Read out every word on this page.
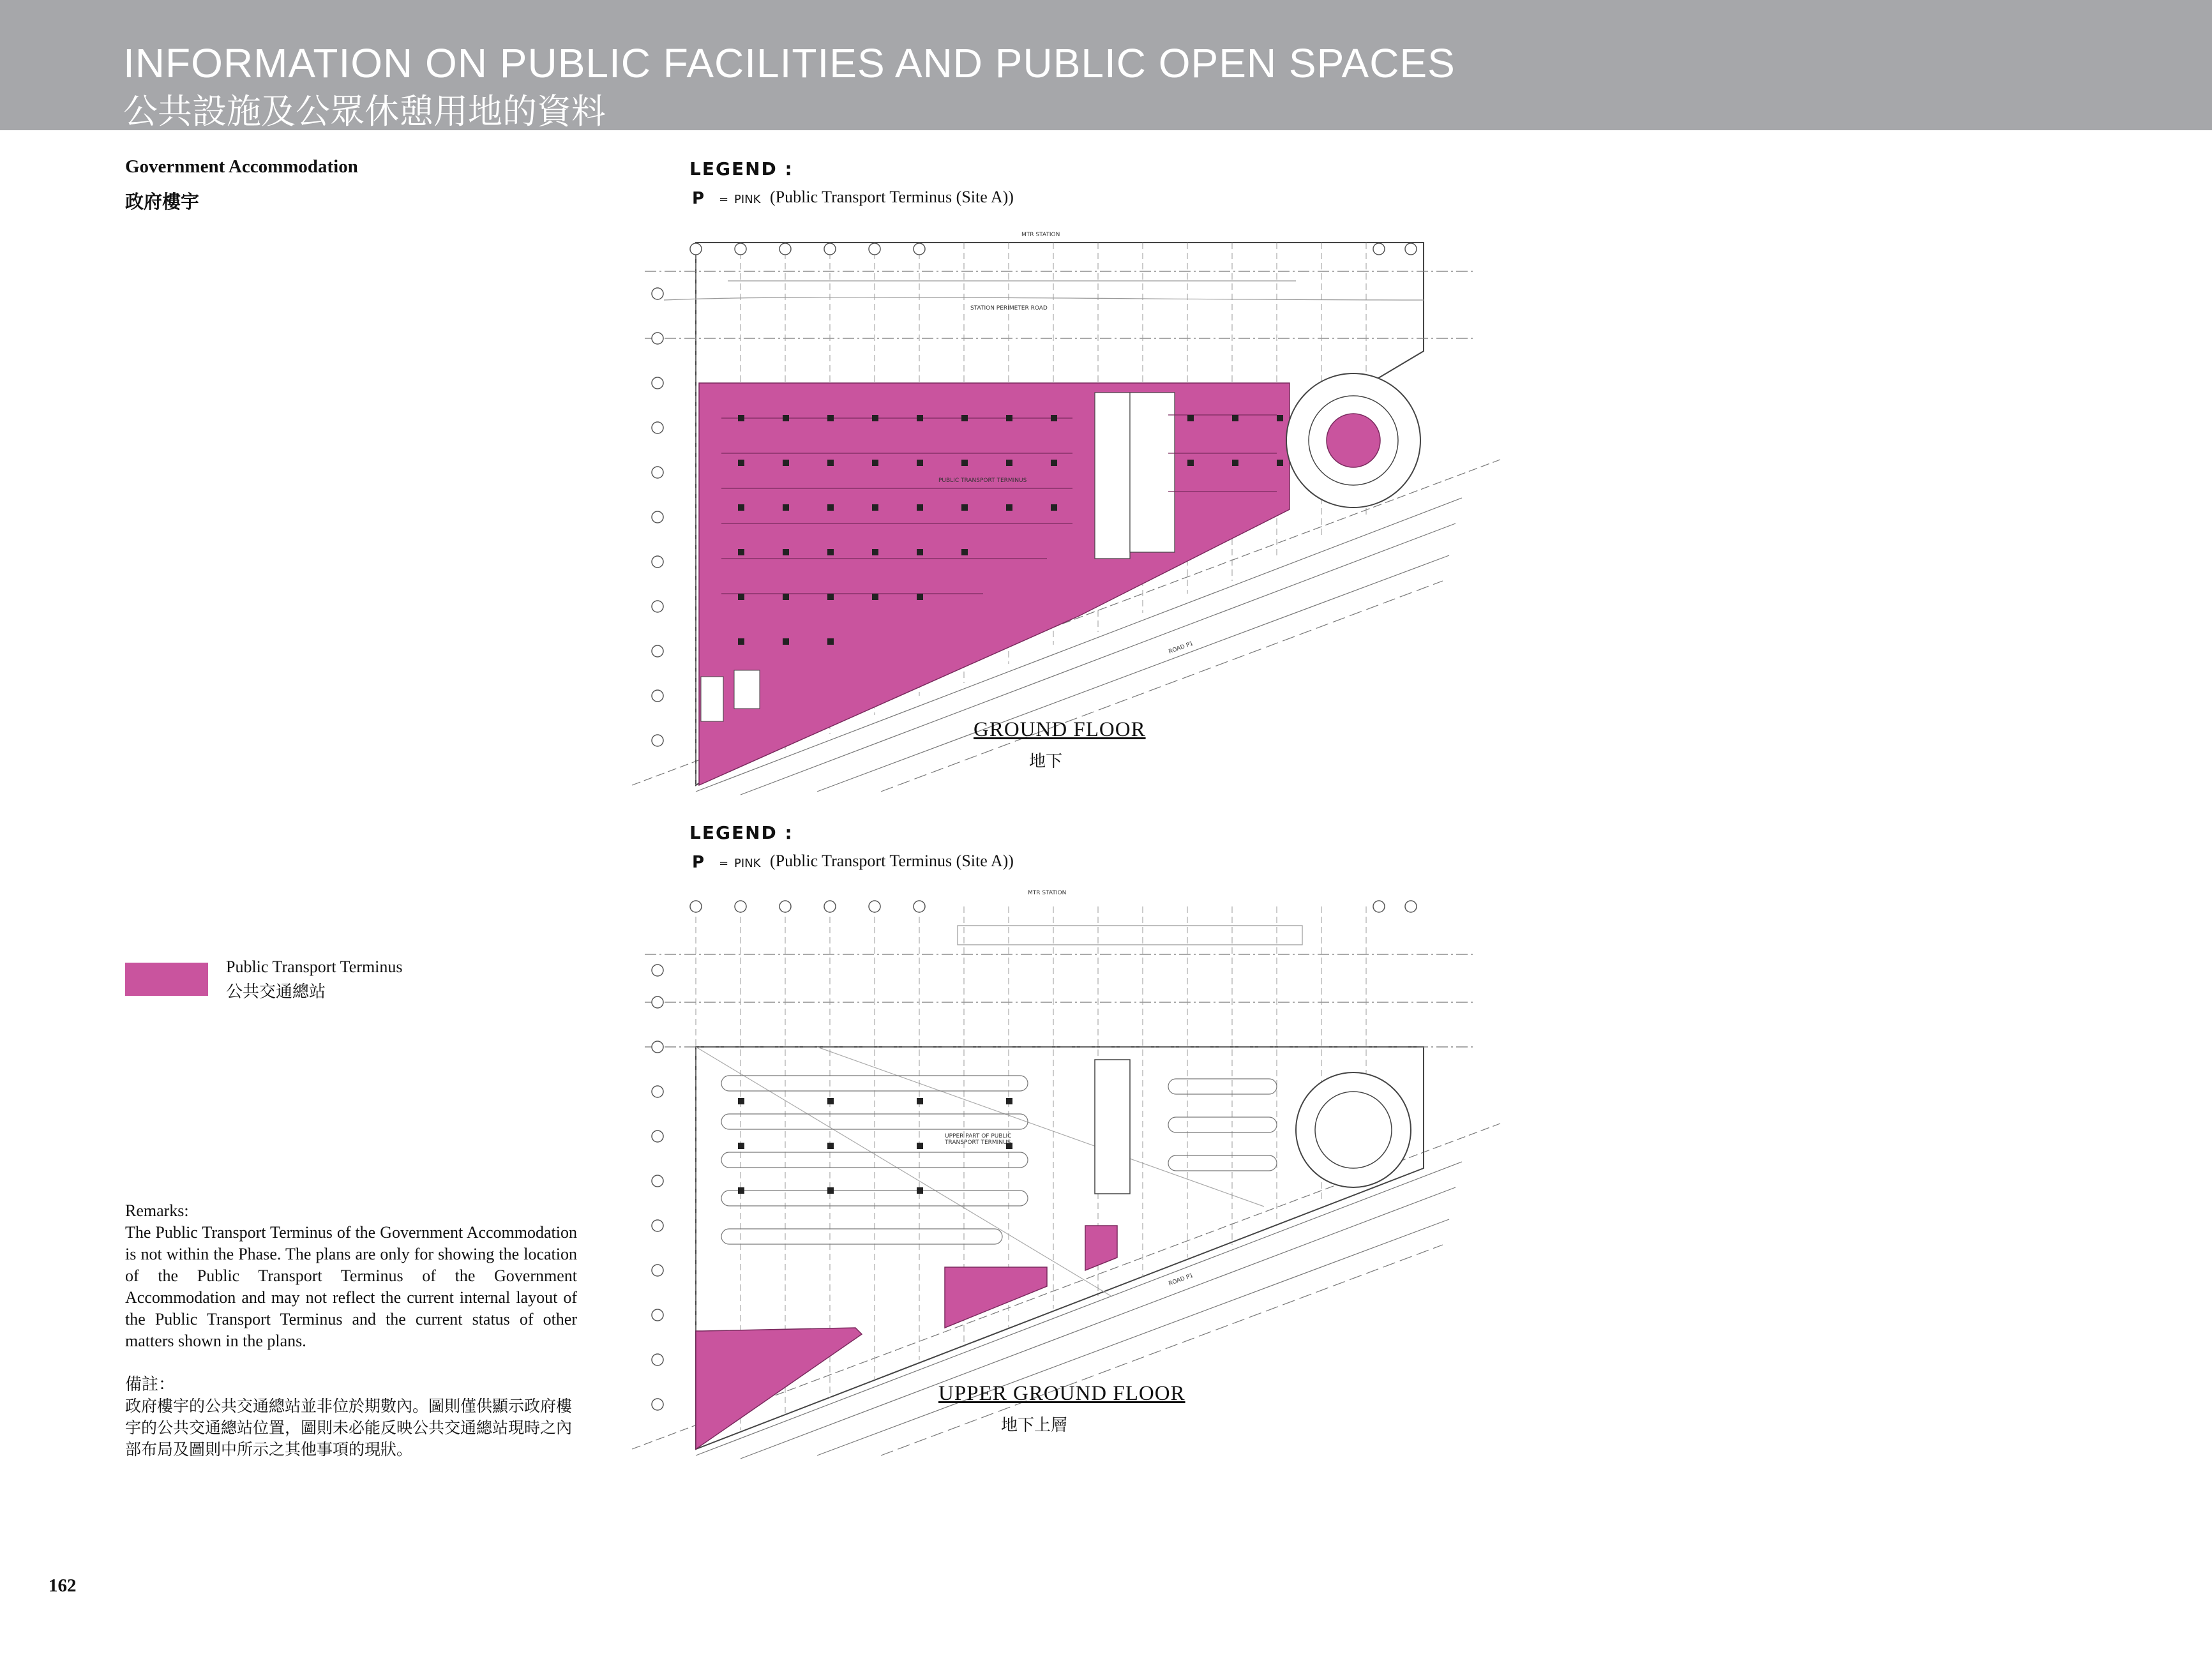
INFORMATION ON PUBLIC FACILITIES AND PUBLIC OPEN SPACES
公共設施及公眾休憩用地的資料
Government Accommodation
政府樓宇
Public Transport Terminus
公共交通總站
Remarks:
The Public Transport Terminus of the Government Accommodation is not within the Phase. The plans are only for showing the location of the Public Transport Terminus of the Government Accommodation and may not reflect the current internal layout of the Public Transport Terminus and the current status of other matters shown in the plans.
備註：
政府樓宇的公共交通總站並非位於期數內。圖則僅供顯示政府樓宇的公共交通總站位置，圖則未必能反映公共交通總站現時之內部布局及圖則中所示之其他事項的現狀。
162
LEGEND :
P = PINK (Public Transport Terminus (Site A))
MTR STATION
STATION PERIMETER ROAD
PUBLIC TRANSPORT TERMINUS
ROAD P1
GROUND FLOOR
地下
LEGEND :
P = PINK (Public Transport Terminus (Site A))
MTR STATION
UPPER PART OF PUBLIC TRANSPORT TERMINUS
ROAD P1
UPPER GROUND FLOOR
地下上層
